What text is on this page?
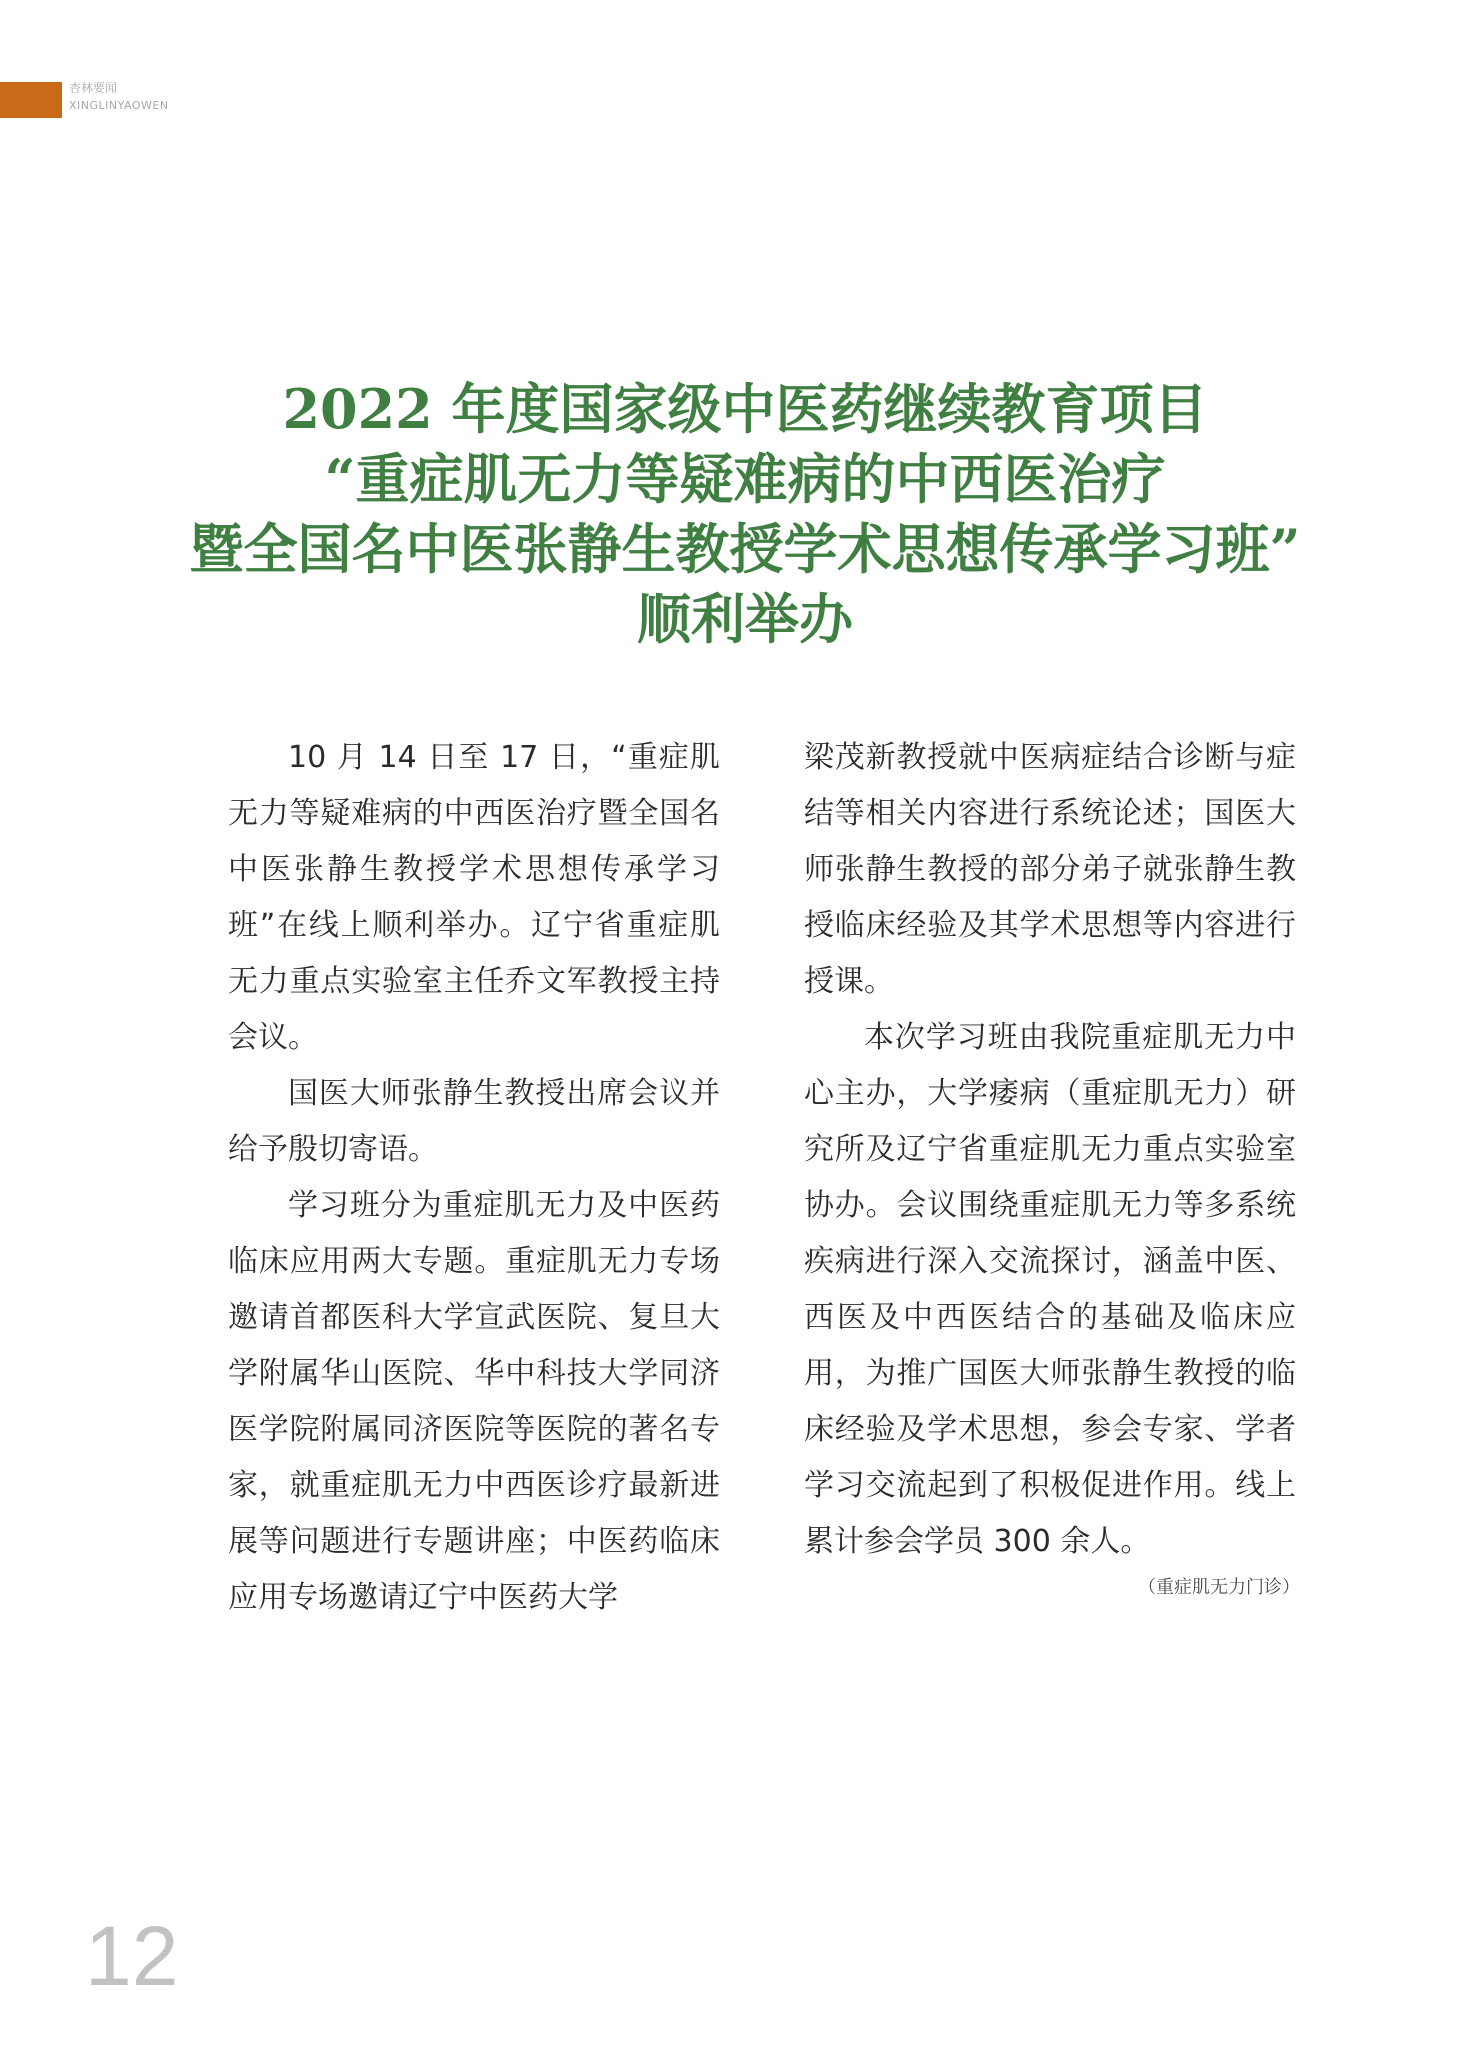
杏林要闻
XINGLINYAOWEN
2022 年度国家级中医药继续教育项目
“重症肌无力等疑难病的中西医治疗
暨全国名中医张静生教授学术思想传承学习班”
顺利举办

10 月 14 日至 17 日，“重症肌无力等疑难病的中西医治疗暨全国名中医张静生教授学术思想传承学习班”在线上顺利举办。辽宁省重症肌无力重点实验室主任乔文军教授主持会议。

国医大师张静生教授出席会议并给予殷切寄语。

学习班分为重症肌无力及中医药临床应用两大专题。重症肌无力专场邀请首都医科大学宣武医院、复旦大学附属华山医院、华中科技大学同济医学院附属同济医院等医院的著名专家，就重症肌无力中西医诊疗最新进展等问题进行专题讲座；中医药临床应用专场邀请辽宁中医药大学

梁茂新教授就中医病症结合诊断与症结等相关内容进行系统论述；国医大师张静生教授的部分弟子就张静生教授临床经验及其学术思想等内容进行授课。

本次学习班由我院重症肌无力中心主办，大学痿病（重症肌无力）研究所及辽宁省重症肌无力重点实验室协办。会议围绕重症肌无力等多系统疾病进行深入交流探讨，涵盖中医、西医及中西医结合的基础及临床应用，为推广国医大师张静生教授的临床经验及学术思想，参会专家、学者学习交流起到了积极促进作用。线上累计参会学员 300 余人。

（重症肌无力门诊）
12
